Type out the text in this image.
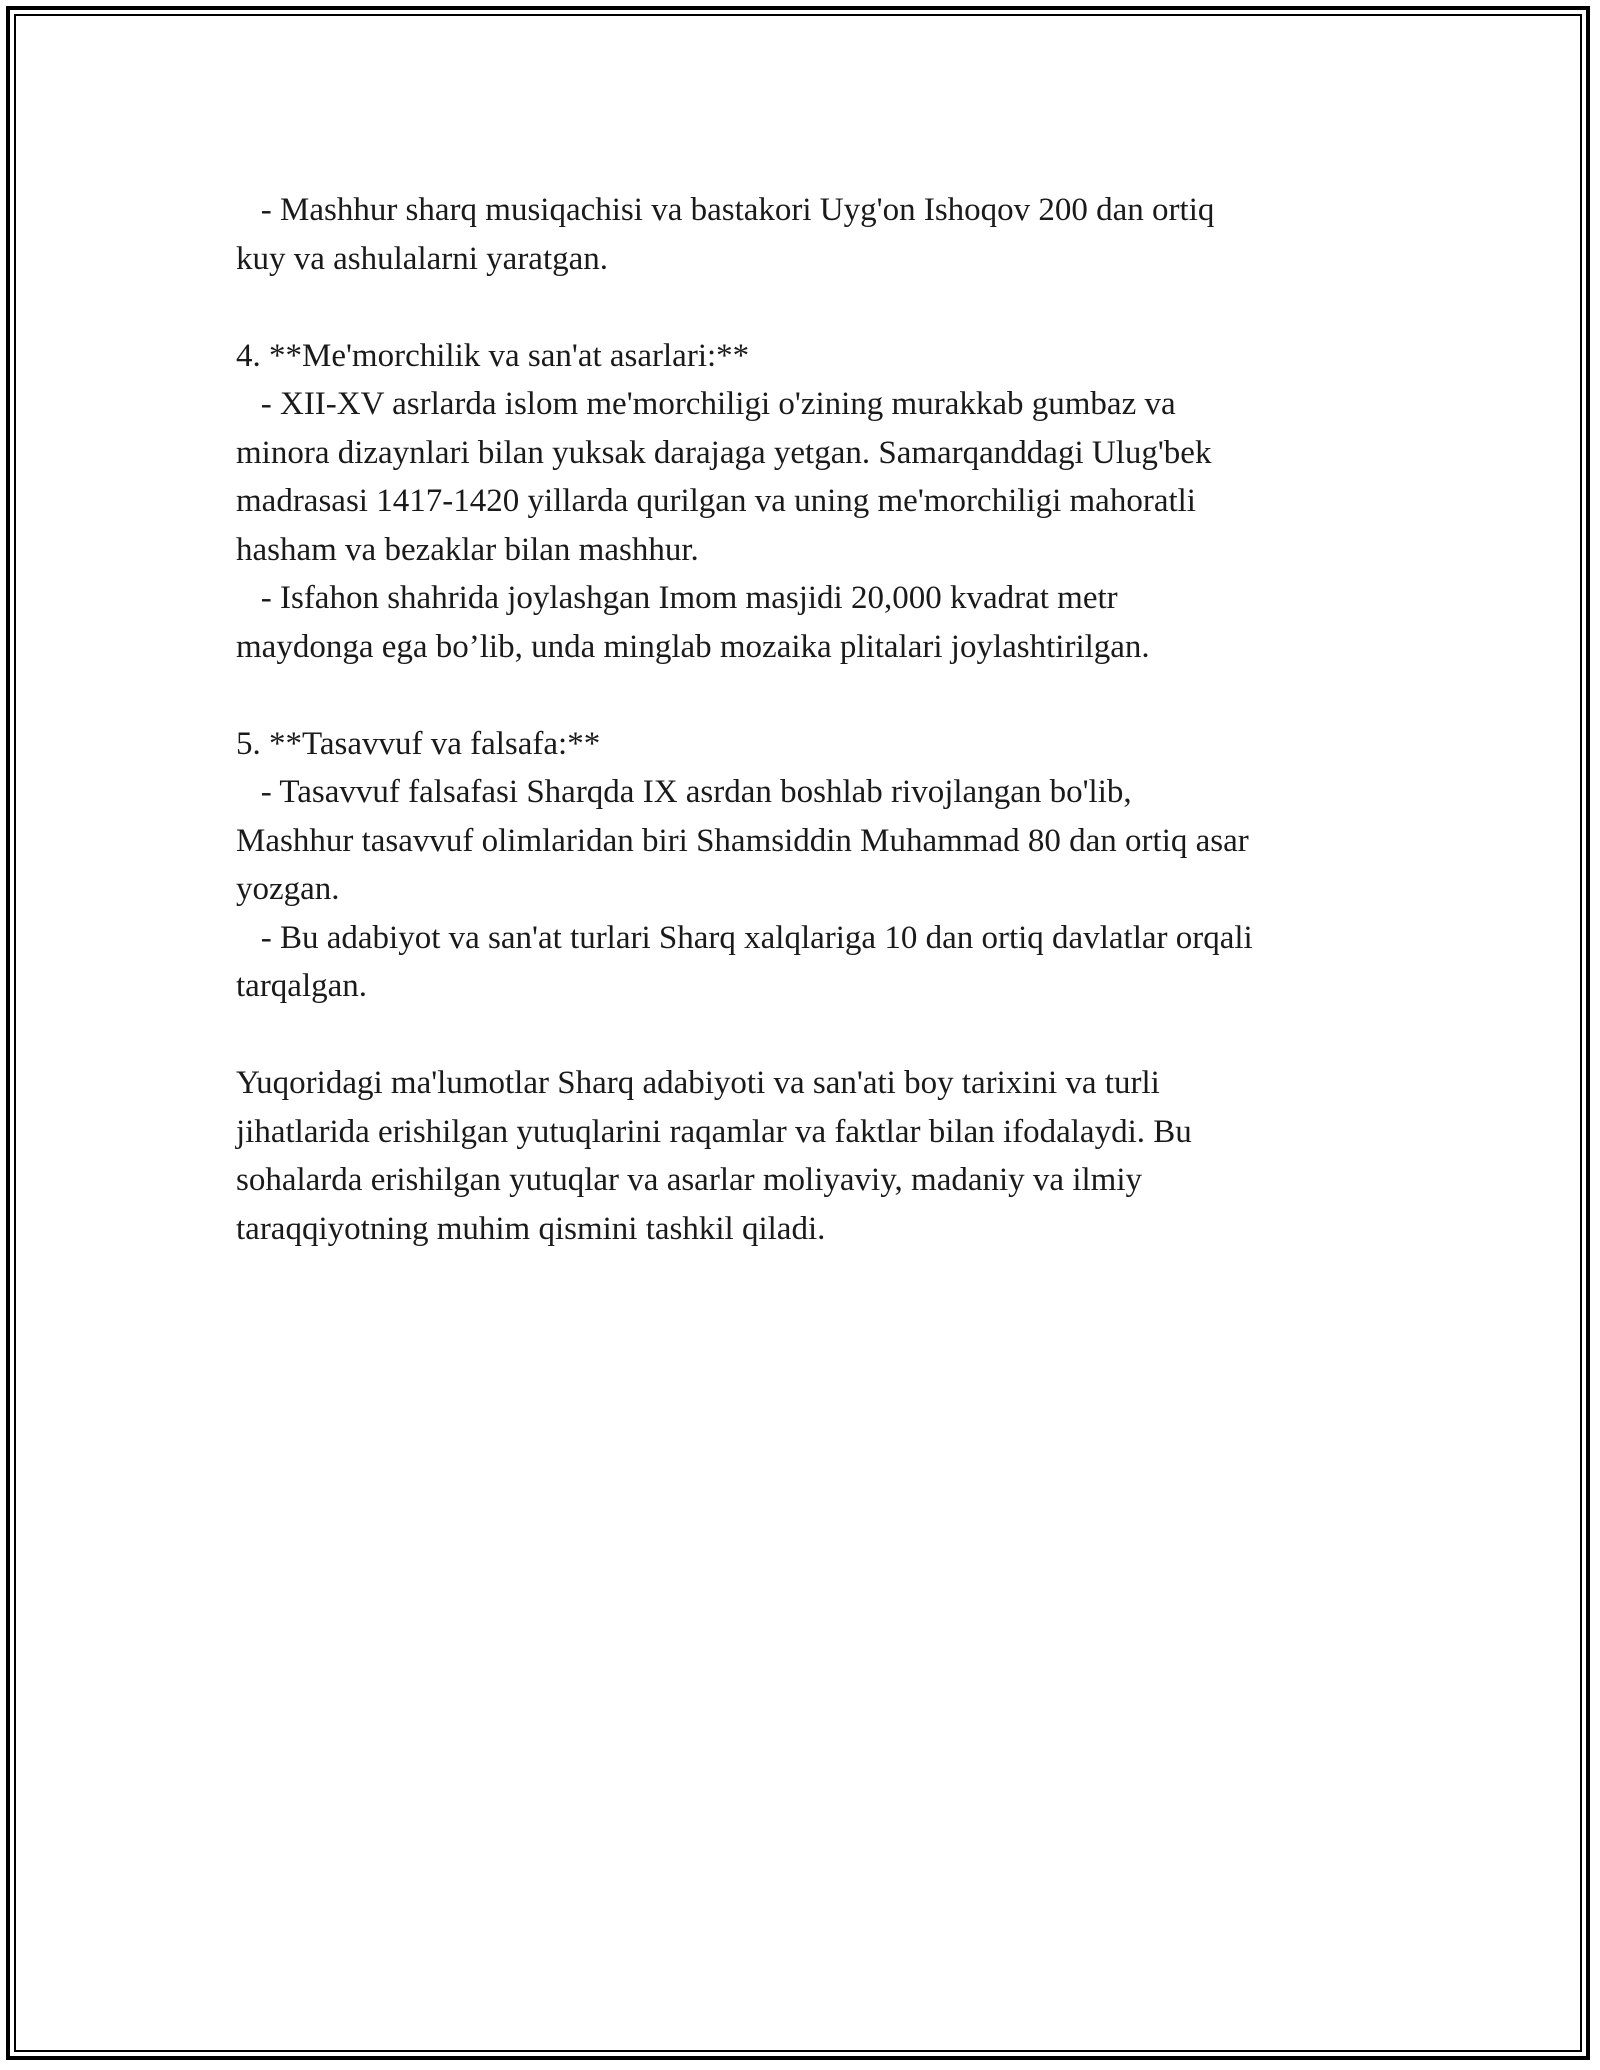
- Mashhur sharq musiqachisi va bastakori Uyg'on Ishoqov 200 dan ortiq
kuy va ashulalarni yaratgan.
4. **Me'morchilik va san'at asarlari:**
- XII-XV asrlarda islom me'morchiligi o'zining murakkab gumbaz va
minora dizaynlari bilan yuksak darajaga yetgan. Samarqanddagi Ulug'bek
madrasasi 1417-1420 yillarda qurilgan va uning me'morchiligi mahoratli
hasham va bezaklar bilan mashhur.
- Isfahon shahrida joylashgan Imom masjidi 20,000 kvadrat metr
maydonga ega bo’lib, unda minglab mozaika plitalari joylashtirilgan.
5. **Tasavvuf va falsafa:**
- Tasavvuf falsafasi Sharqda IX asrdan boshlab rivojlangan bo'lib,
Mashhur tasavvuf olimlaridan biri Shamsiddin Muhammad 80 dan ortiq asar
yozgan.
- Bu adabiyot va san'at turlari Sharq xalqlariga 10 dan ortiq davlatlar orqali
tarqalgan.
Yuqoridagi ma'lumotlar Sharq adabiyoti va san'ati boy tarixini va turli
jihatlarida erishilgan yutuqlarini raqamlar va faktlar bilan ifodalaydi. Bu
sohalarda erishilgan yutuqlar va asarlar moliyaviy, madaniy va ilmiy
taraqqiyotning muhim qismini tashkil qiladi.
